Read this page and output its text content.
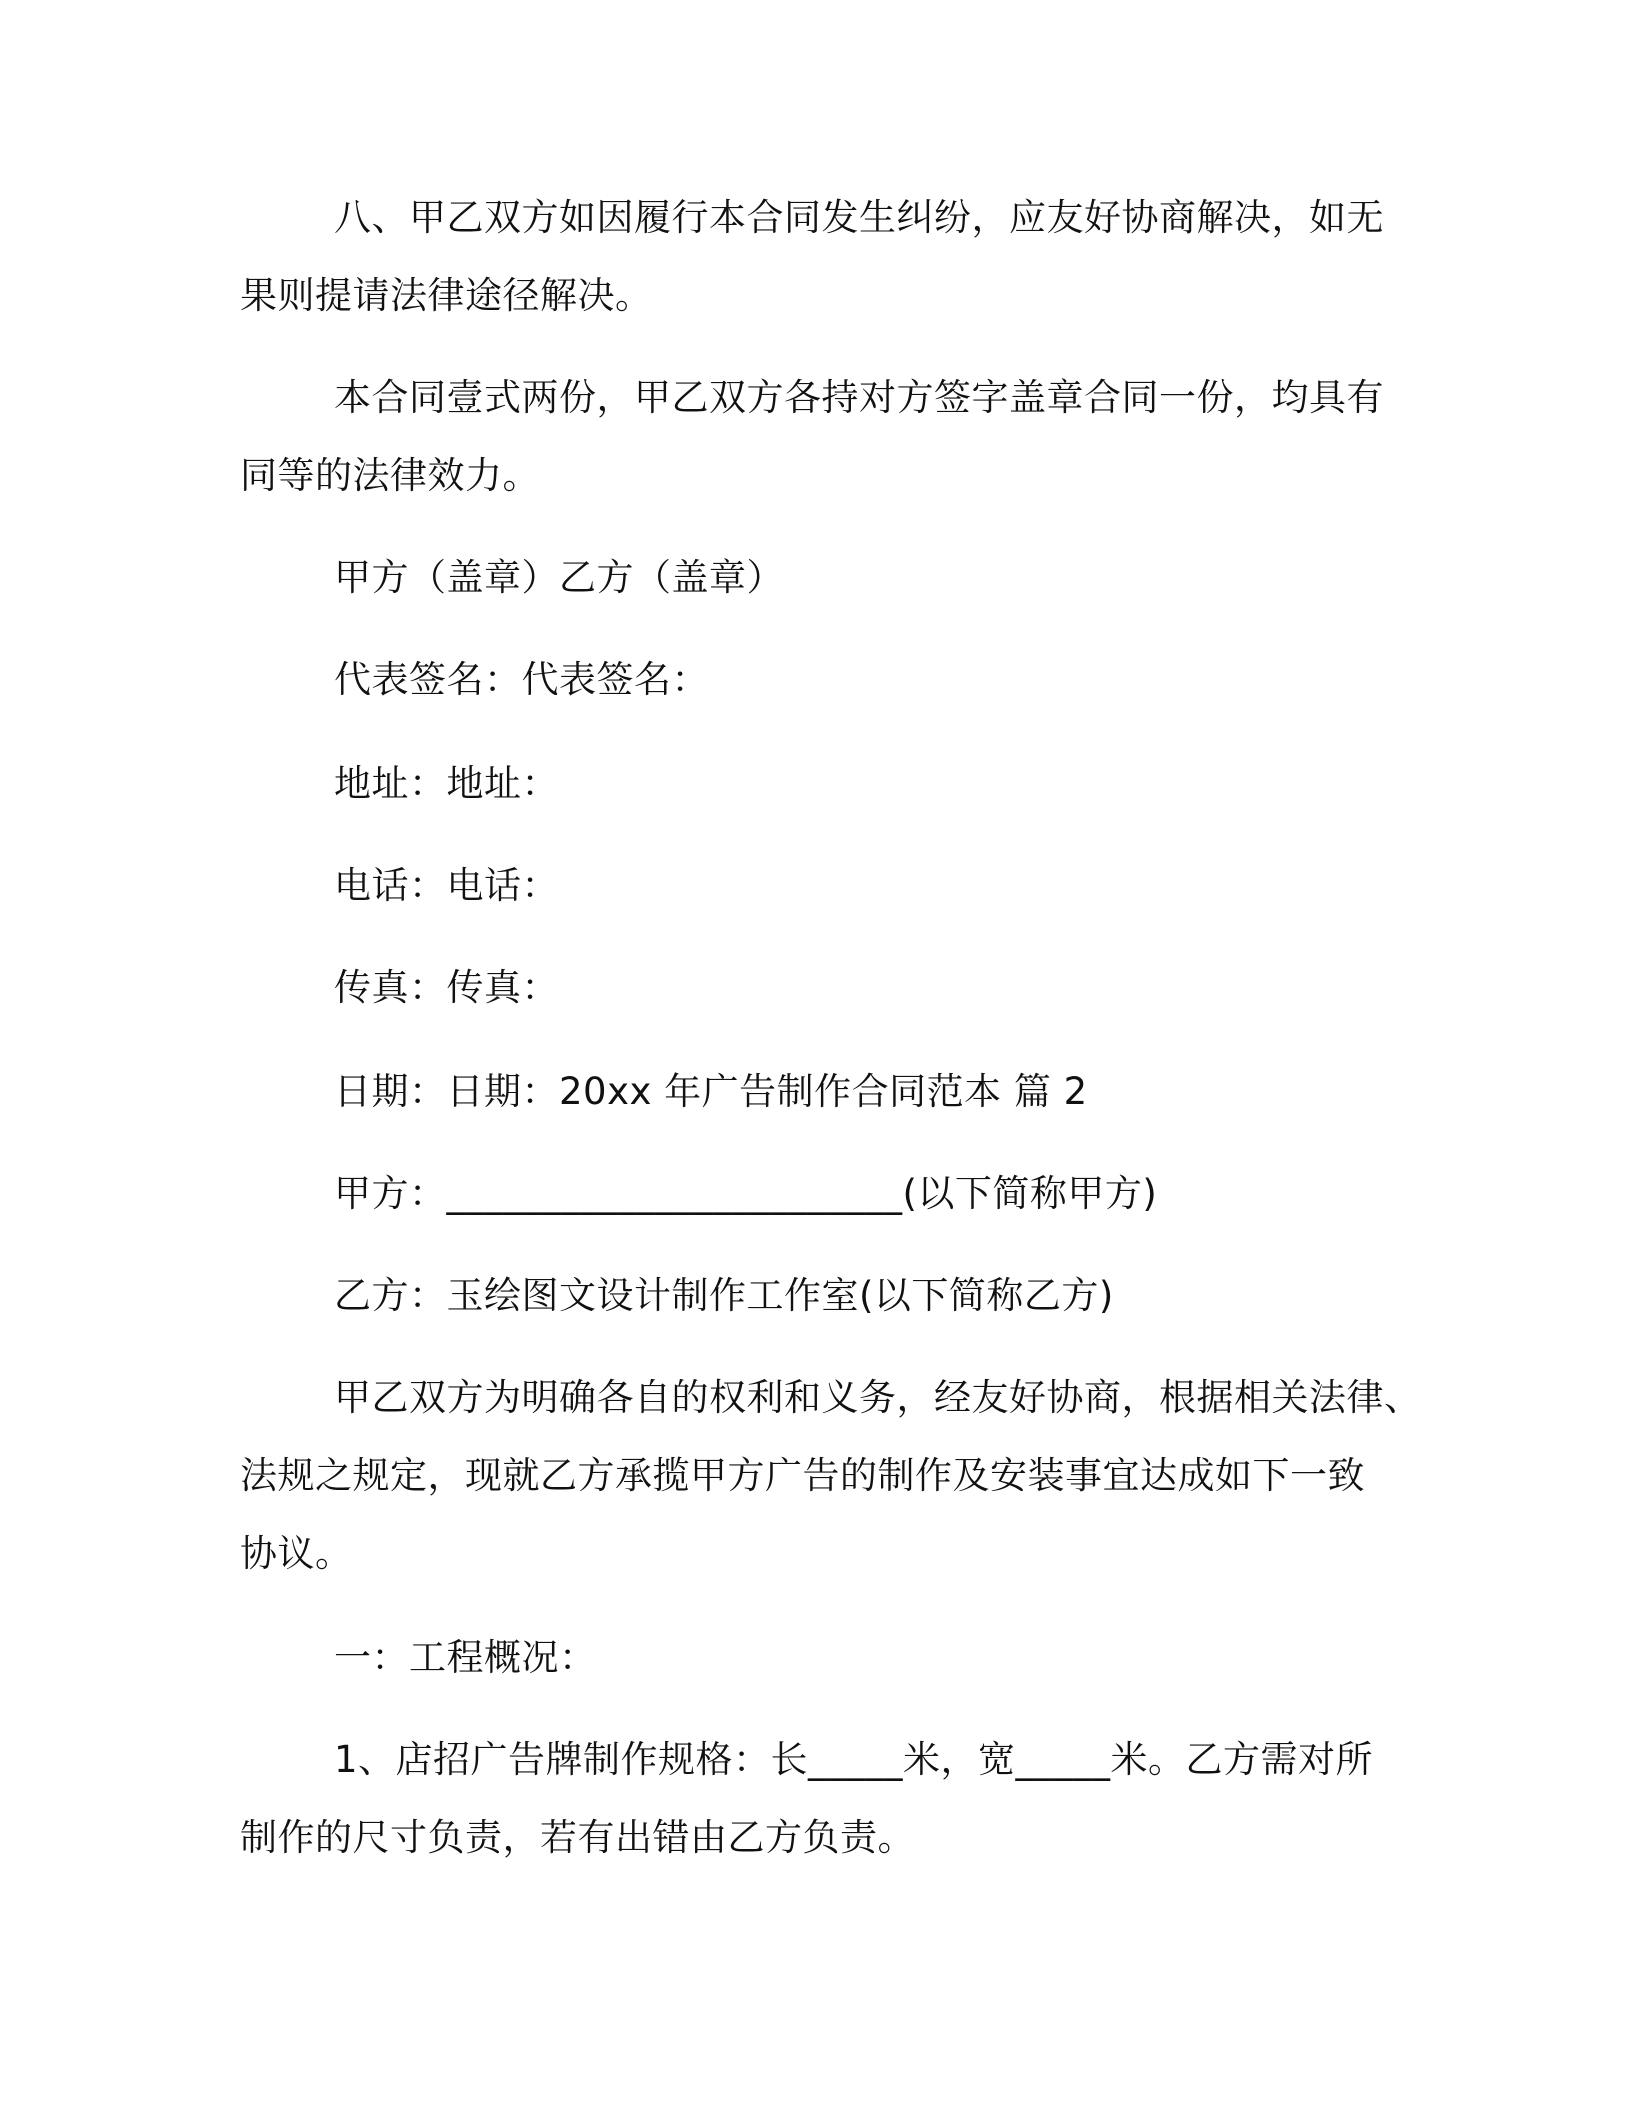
八、甲乙双方如因履行本合同发生纠纷，应友好协商解决，如无
果则提请法律途径解决。
本合同壹式两份，甲乙双方各持对方签字盖章合同一份，均具有
同等的法律效力。
甲方（盖章）乙方（盖章）
代表签名：代表签名：
地址：地址：
电话：电话：
传真：传真：
日期：日期：20xx 年广告制作合同范本 篇 2
甲方：________________________(以下简称甲方)
乙方：玉绘图文设计制作工作室(以下简称乙方)
甲乙双方为明确各自的权利和义务，经友好协商，根据相关法律、
法规之规定，现就乙方承揽甲方广告的制作及安装事宜达成如下一致
协议。
一：工程概况：
1、店招广告牌制作规格：长_____米，宽_____米。乙方需对所
制作的尺寸负责，若有出错由乙方负责。
